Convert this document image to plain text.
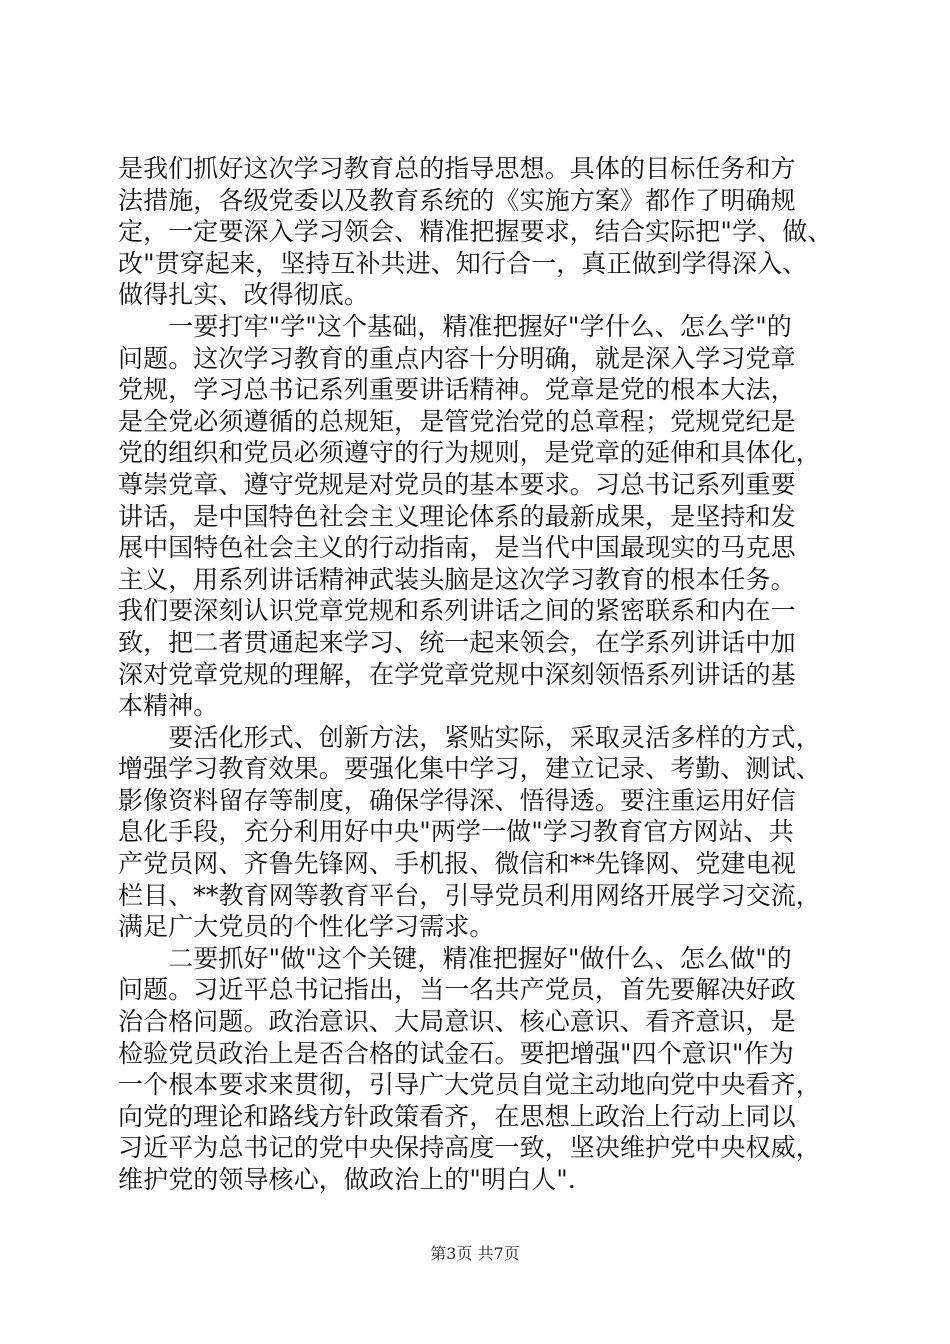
是我们抓好这次学习教育总的指导思想。具体的目标任务和方
法措施，各级党委以及教育系统的《实施方案》都作了明确规
定，一定要深入学习领会、精准把握要求，结合实际把"学、做、
改"贯穿起来，坚持互补共进、知行合一，真正做到学得深入、
做得扎实、改得彻底。
　　一要打牢"学"这个基础，精准把握好"学什么、怎么学"的
问题。这次学习教育的重点内容十分明确，就是深入学习党章
党规，学习总书记系列重要讲话精神。党章是党的根本大法，
是全党必须遵循的总规矩，是管党治党的总章程；党规党纪是
党的组织和党员必须遵守的行为规则，是党章的延伸和具体化，
尊崇党章、遵守党规是对党员的基本要求。习总书记系列重要
讲话，是中国特色社会主义理论体系的最新成果，是坚持和发
展中国特色社会主义的行动指南，是当代中国最现实的马克思
主义，用系列讲话精神武装头脑是这次学习教育的根本任务。
我们要深刻认识党章党规和系列讲话之间的紧密联系和内在一
致，把二者贯通起来学习、统一起来领会，在学系列讲话中加
深对党章党规的理解，在学党章党规中深刻领悟系列讲话的基
本精神。
　　要活化形式、创新方法，紧贴实际，采取灵活多样的方式，
增强学习教育效果。要强化集中学习，建立记录、考勤、测试、
影像资料留存等制度，确保学得深、悟得透。要注重运用好信
息化手段，充分利用好中央"两学一做"学习教育官方网站、共
产党员网、齐鲁先锋网、手机报、微信和**先锋网、党建电视
栏目、**教育网等教育平台，引导党员利用网络开展学习交流，
满足广大党员的个性化学习需求。
　　二要抓好"做"这个关键，精准把握好"做什么、怎么做"的
问题。习近平总书记指出，当一名共产党员，首先要解决好政
治合格问题。政治意识、大局意识、核心意识、看齐意识，是
检验党员政治上是否合格的试金石。要把增强"四个意识"作为
一个根本要求来贯彻，引导广大党员自觉主动地向党中央看齐，
向党的理论和路线方针政策看齐，在思想上政治上行动上同以
习近平为总书记的党中央保持高度一致，坚决维护党中央权威，
维护党的领导核心，做政治上的"明白人".
第3页 共7页
